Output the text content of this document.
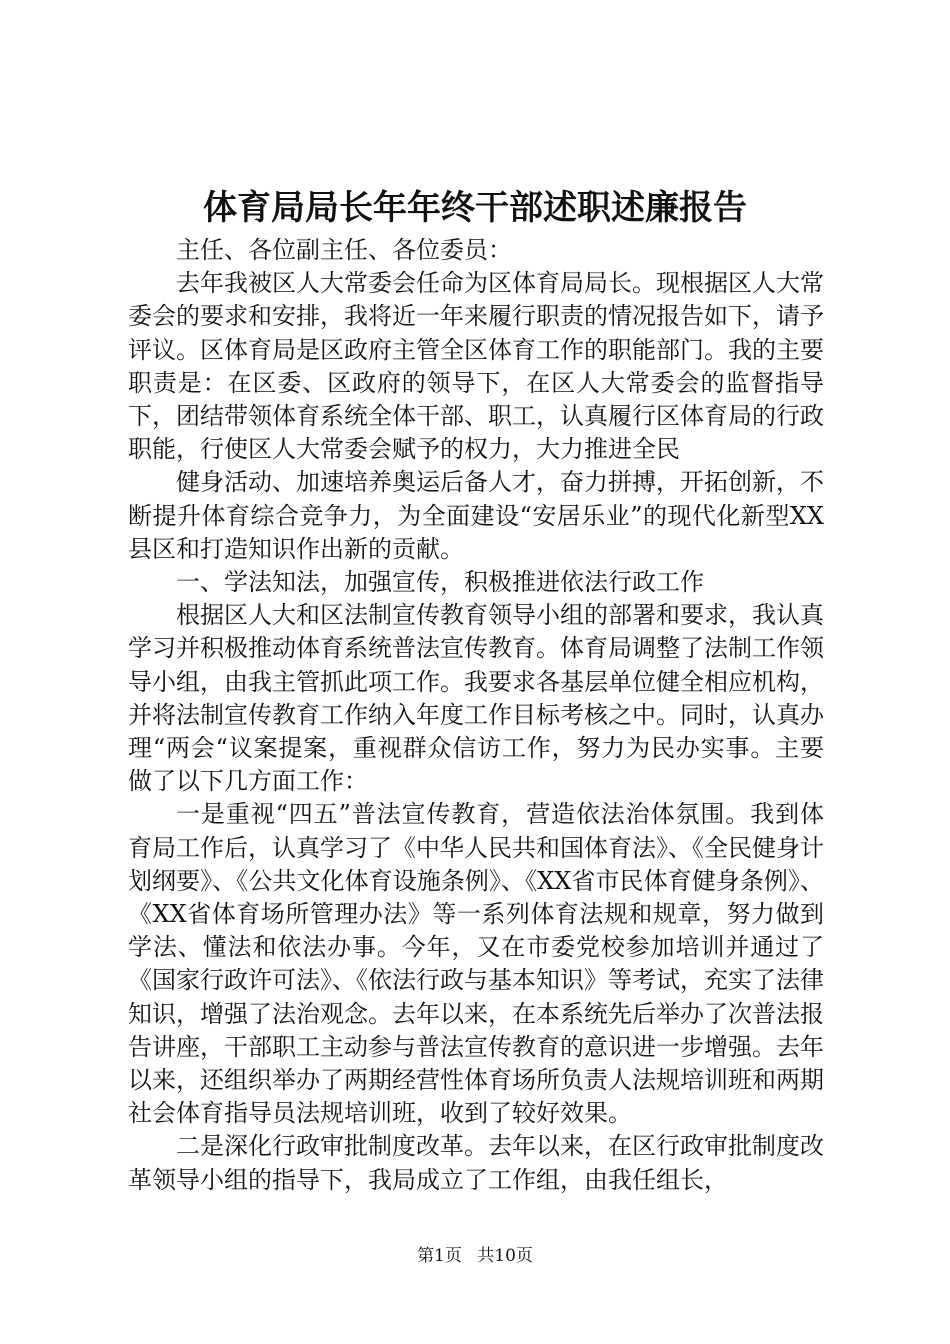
体育局局长年年终干部述职述廉报告

主任、各位副主任、各位委员：

去年我被区人大常委会任命为区体育局局长。现根据区人大常委会的要求和安排，我将近一年来履行职责的情况报告如下，请予评议。区体育局是区政府主管全区体育工作的职能部门。我的主要职责是：在区委、区政府的领导下，在区人大常委会的监督指导下，团结带领体育系统全体干部、职工，认真履行区体育局的行政职能，行使区人大常委会赋予的权力，大力推进全民

健身活动、加速培养奥运后备人才，奋力拼搏，开拓创新，不断提升体育综合竞争力，为全面建设“安居乐业”的现代化新型XX县区和打造知识作出新的贡献。

一、学法知法，加强宣传，积极推进依法行政工作

根据区人大和区法制宣传教育领导小组的部署和要求，我认真学习并积极推动体育系统普法宣传教育。体育局调整了法制工作领导小组，由我主管抓此项工作。我要求各基层单位健全相应机构，并将法制宣传教育工作纳入年度工作目标考核之中。同时，认真办理“两会“议案提案，重视群众信访工作，努力为民办实事。主要做了以下几方面工作：

一是重视“四五”普法宣传教育，营造依法治体氛围。我到体育局工作后，认真学习了《中华人民共和国体育法》、《全民健身计划纲要》、《公共文化体育设施条例》、《XX省市民体育健身条例》、《XX省体育场所管理办法》等一系列体育法规和规章，努力做到学法、懂法和依法办事。今年，又在市委党校参加培训并通过了《国家行政许可法》、《依法行政与基本知识》等考试，充实了法律知识，增强了法治观念。去年以来，在本系统先后举办了次普法报告讲座，干部职工主动参与普法宣传教育的意识进一步增强。去年以来，还组织举办了两期经营性体育场所负责人法规培训班和两期社会体育指导员法规培训班，收到了较好效果。

二是深化行政审批制度改革。去年以来，在区行政审批制度改革领导小组的指导下，我局成立了工作组，由我任组长，

第1页 共10页
